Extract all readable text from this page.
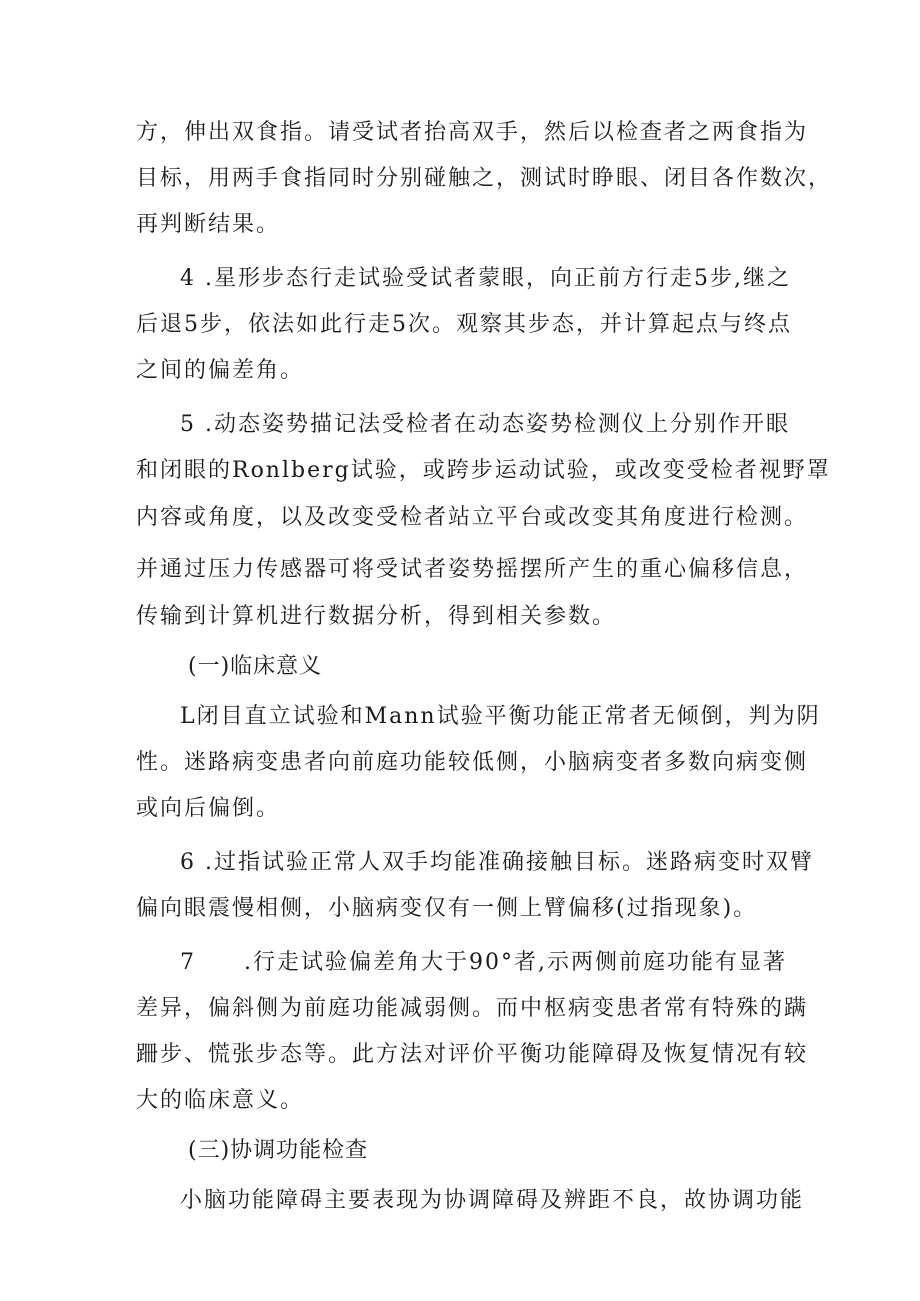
方，伸出双食指。请受试者抬高双手，然后以检查者之两食指为
目标，用两手食指同时分别碰触之，测试时睁眼、闭目各作数次，
再判断结果。
4 .星形步态行走试验受试者蒙眼，向正前方行走5步,继之
后退5步，依法如此行走5次。观察其步态，并计算起点与终点
之间的偏差角。
5 .动态姿势描记法受检者在动态姿势检测仪上分别作开眼
和闭眼的Ronlberg试验，或跨步运动试验，或改变受检者视野罩
内容或角度，以及改变受检者站立平台或改变其角度进行检测。
并通过压力传感器可将受试者姿势摇摆所产生的重心偏移信息，
传输到计算机进行数据分析，得到相关参数。
(一)临床意义
L闭目直立试验和Mann试验平衡功能正常者无倾倒，判为阴
性。迷路病变患者向前庭功能较低侧，小脑病变者多数向病变侧
或向后偏倒。
6 .过指试验正常人双手均能准确接触目标。迷路病变时双臂
偏向眼震慢相侧，小脑病变仅有一侧上臂偏移(过指现象)。
7　　.行走试验偏差角大于90°者,示两侧前庭功能有显著
差异，偏斜侧为前庭功能减弱侧。而中枢病变患者常有特殊的蹒
跚步、慌张步态等。此方法对评价平衡功能障碍及恢复情况有较
大的临床意义。
(三)协调功能检查
小脑功能障碍主要表现为协调障碍及辨距不良，故协调功能
